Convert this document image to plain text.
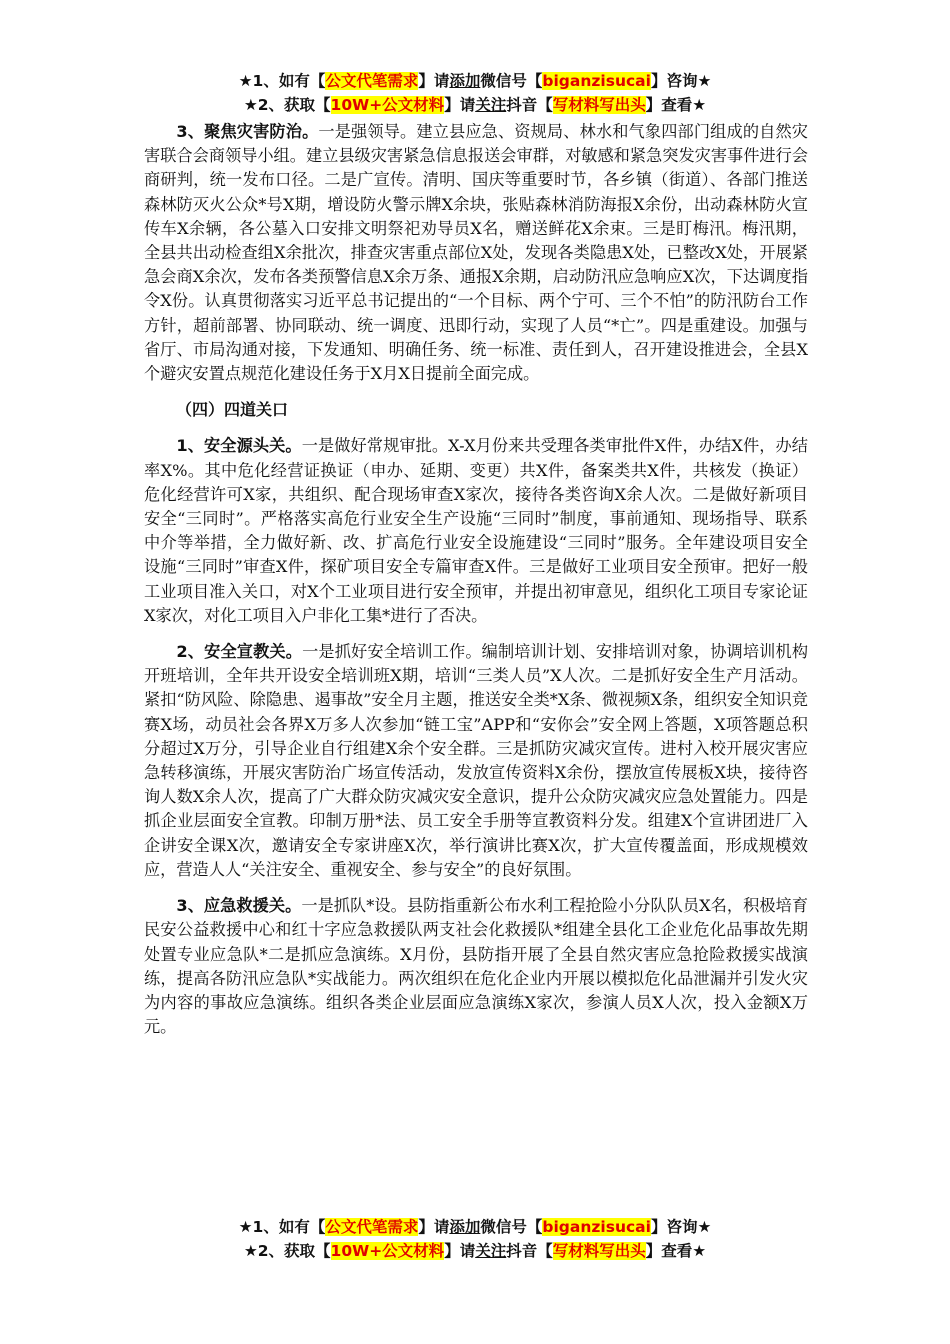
★1、如有【公文代笔需求】请添加微信号【biganzisucai】咨询★
★2、获取【10W+公文材料】请关注抖音【写材料写出头】查看★

3、聚焦灾害防治。一是强领导。建立县应急、资规局、林水和气象四部门组成的自然灾害联合会商领导小组。建立县级灾害紧急信息报送会审群，对敏感和紧急突发灾害事件进行会商研判，统一发布口径。二是广宣传。清明、国庆等重要时节，各乡镇（街道）、各部门推送森林防灭火公众*号X期，增设防火警示牌X余块，张贴森林消防海报X余份，出动森林防火宣传车X余辆，各公墓入口安排文明祭祀劝导员X名，赠送鲜花X余束。三是盯梅汛。梅汛期，全县共出动检查组X余批次，排查灾害重点部位X处，发现各类隐患X处，已整改X处，开展紧急会商X余次，发布各类预警信息X余万条、通报X余期，启动防汛应急响应X次，下达调度指令X份。认真贯彻落实习近平总书记提出的“一个目标、两个宁可、三个不怕”的防汛防台工作方针，超前部署、协同联动、统一调度、迅即行动，实现了人员“*亡”。四是重建设。加强与省厅、市局沟通对接，下发通知、明确任务、统一标准、责任到人，召开建设推进会，全县X个避灾安置点规范化建设任务于X月X日提前全面完成。

（四）四道关口

1、安全源头关。一是做好常规审批。X-X月份来共受理各类审批件X件，办结X件，办结率X%。其中危化经营证换证（申办、延期、变更）共X件，备案类共X件，共核发（换证）危化经营许可X家，共组织、配合现场审查X家次，接待各类咨询X余人次。二是做好新项目安全“三同时”。严格落实高危行业安全生产设施“三同时”制度，事前通知、现场指导、联系中介等举措，全力做好新、改、扩高危行业安全设施建设“三同时”服务。全年建设项目安全设施“三同时”审查X件，探矿项目安全专篇审查X件。三是做好工业项目安全预审。把好一般工业项目准入关口，对X个工业项目进行安全预审，并提出初审意见，组织化工项目专家论证X家次，对化工项目入户非化工集*进行了否决。

2、安全宣教关。一是抓好安全培训工作。编制培训计划、安排培训对象，协调培训机构开班培训，全年共开设安全培训班X期，培训“三类人员”X人次。二是抓好安全生产月活动。紧扣“防风险、除隐患、遏事故”安全月主题，推送安全类*X条、微视频X条，组织安全知识竞赛X场，动员社会各界X万多人次参加“链工宝”APP和“安你会”安全网上答题，X项答题总积分超过X万分，引导企业自行组建X余个安全群。三是抓防灾减灾宣传。进村入校开展灾害应急转移演练，开展灾害防治广场宣传活动，发放宣传资料X余份，摆放宣传展板X块，接待咨询人数X余人次，提高了广大群众防灾减灾安全意识，提升公众防灾减灾应急处置能力。四是抓企业层面安全宣教。印制万册*法、员工安全手册等宣教资料分发。组建X个宣讲团进厂入企讲安全课X次，邀请安全专家讲座X次，举行演讲比赛X次，扩大宣传覆盖面，形成规模效应，营造人人“关注安全、重视安全、参与安全”的良好氛围。

3、应急救援关。一是抓队*设。县防指重新公布水利工程抢险小分队队员X名，积极培育民安公益救援中心和红十字应急救援队两支社会化救援队*组建全县化工企业危化品事故先期处置专业应急队*二是抓应急演练。X月份，县防指开展了全县自然灾害应急抢险救援实战演练，提高各防汛应急队*实战能力。两次组织在危化企业内开展以模拟危化品泄漏并引发火灾为内容的事故应急演练。组织各类企业层面应急演练X家次，参演人员X人次，投入金额X万元。

★1、如有【公文代笔需求】请添加微信号【biganzisucai】咨询★
★2、获取【10W+公文材料】请关注抖音【写材料写出头】查看★
